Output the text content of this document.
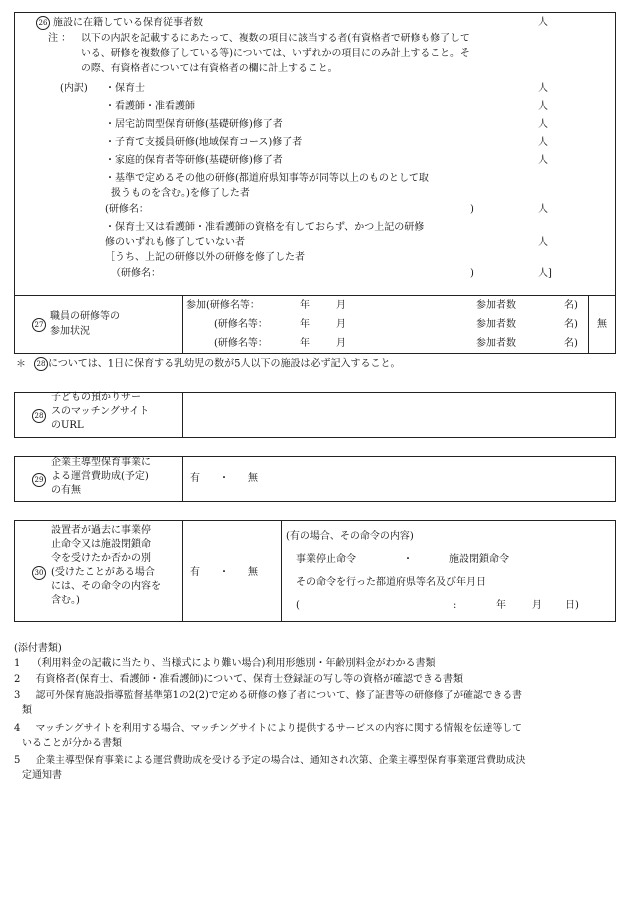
26 施設に在籍している保育従事者数	人
注 ： 以下の内訳を記載するにあたって、複数の項目に該当する者(有資格者で研修も修了して
いる、研修を複数修了している等)については、いずれかの項目にのみ計上すること。そ
の際、有資格者については有資格者の欄に計上すること。
(内訳) ・保育士	人
・看護師・准看護師	人
・居宅訪問型保育研修(基礎研修)修了者	人
・子育て支援員研修(地域保育コース)修了者	人
・家庭的保育者等研修(基礎研修)修了者	人
・基準で定めるその他の研修(都道府県知事等が同等以上のものとして取
扱うものを含む。)を修了した者
(研修名：	)	人
・保育士又は看護師・准看護師の資格を有しておらず、かつ上記の研修
修のいずれも修了していない者	人
［うち、上記の研修以外の研修を修了した者
（研修名：	)	人]
27
職員の研修等の
参加状況
参加(研修名等：	年	月	参加者数	名)
(研修名等：	年	月	参加者数	名)
(研修名等：	年	月	参加者数	名)
無
＊ 28 については、1日に保育する乳幼児の数が5人以下の施設は必ず記入すること。
28
子どもの預かりサー
スのマッチングサイト
のURL
29
企業主導型保育事業に
よる運営費助成(予定)
の有無
有 ・ 無
30
設置者が過去に事業停
止命令又は施設閉鎖命
令を受けたか否かの別
(受けたことがある場合
には、その命令の内容を
含む。)
有 ・ 無
(有の場合、その命令の内容)
事業停止命令	・	施設閉鎖命令
その命令を行った都道府県等名及び年月日
(	:	年	月 日)
(添付書類)
1 （利用料金の記載に当たり、当様式により難い場合)利用形態別・年齢別料金がわかる書類
2 有資格者(保育士、看護師・准看護師)について、保育士登録証の写し等の資格が確認できる書類
3 認可外保育施設指導監督基準第1の2(2)で定める研修の修了者について、修了証書等の研修修了が確認できる書
類
4 マッチングサイトを利用する場合、マッチングサイトにより提供するサービスの内容に関する情報を伝達等して
いることが分かる書類
5 企業主導型保育事業による運営費助成を受ける予定の場合は、通知され次第、企業主導型保育事業運営費助成決
定通知書
